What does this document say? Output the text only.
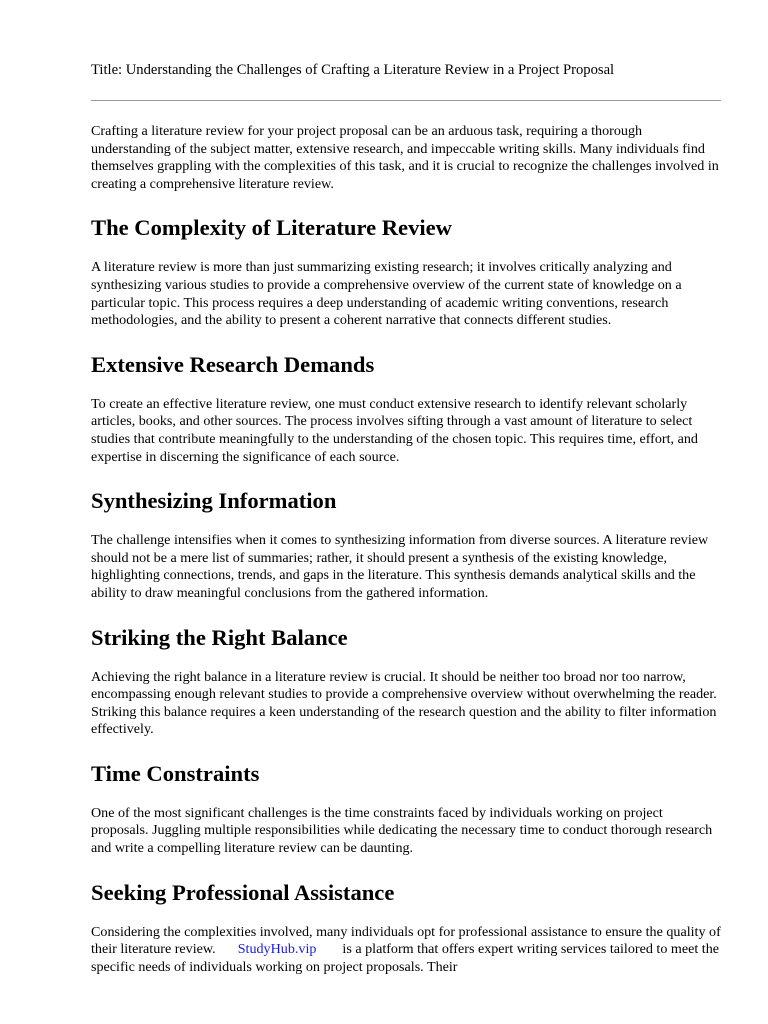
Title: Understanding the Challenges of Crafting a Literature Review in a Project Proposal

Crafting a literature review for your project proposal can be an arduous task, requiring a thorough understanding of the subject matter, extensive research, and impeccable writing skills. Many individuals find themselves grappling with the complexities of this task, and it is crucial to recognize the challenges involved in creating a comprehensive literature review.

The Complexity of Literature Review

A literature review is more than just summarizing existing research; it involves critically analyzing and synthesizing various studies to provide a comprehensive overview of the current state of knowledge on a particular topic. This process requires a deep understanding of academic writing conventions, research methodologies, and the ability to present a coherent narrative that connects different studies.

Extensive Research Demands

To create an effective literature review, one must conduct extensive research to identify relevant scholarly articles, books, and other sources. The process involves sifting through a vast amount of literature to select studies that contribute meaningfully to the understanding of the chosen topic. This requires time, effort, and expertise in discerning the significance of each source.

Synthesizing Information

The challenge intensifies when it comes to synthesizing information from diverse sources. A literature review should not be a mere list of summaries; rather, it should present a synthesis of the existing knowledge, highlighting connections, trends, and gaps in the literature. This synthesis demands analytical skills and the ability to draw meaningful conclusions from the gathered information.

Striking the Right Balance

Achieving the right balance in a literature review is crucial. It should be neither too broad nor too narrow, encompassing enough relevant studies to provide a comprehensive overview without overwhelming the reader. Striking this balance requires a keen understanding of the research question and the ability to filter information effectively.

Time Constraints

One of the most significant challenges is the time constraints faced by individuals working on project proposals. Juggling multiple responsibilities while dedicating the necessary time to conduct thorough research and write a compelling literature review can be daunting.

Seeking Professional Assistance

Considering the complexities involved, many individuals opt for professional assistance to ensure the quality of their literature review. StudyHub.vip is a platform that offers expert writing services tailored to meet the specific needs of individuals working on project proposals. Their
